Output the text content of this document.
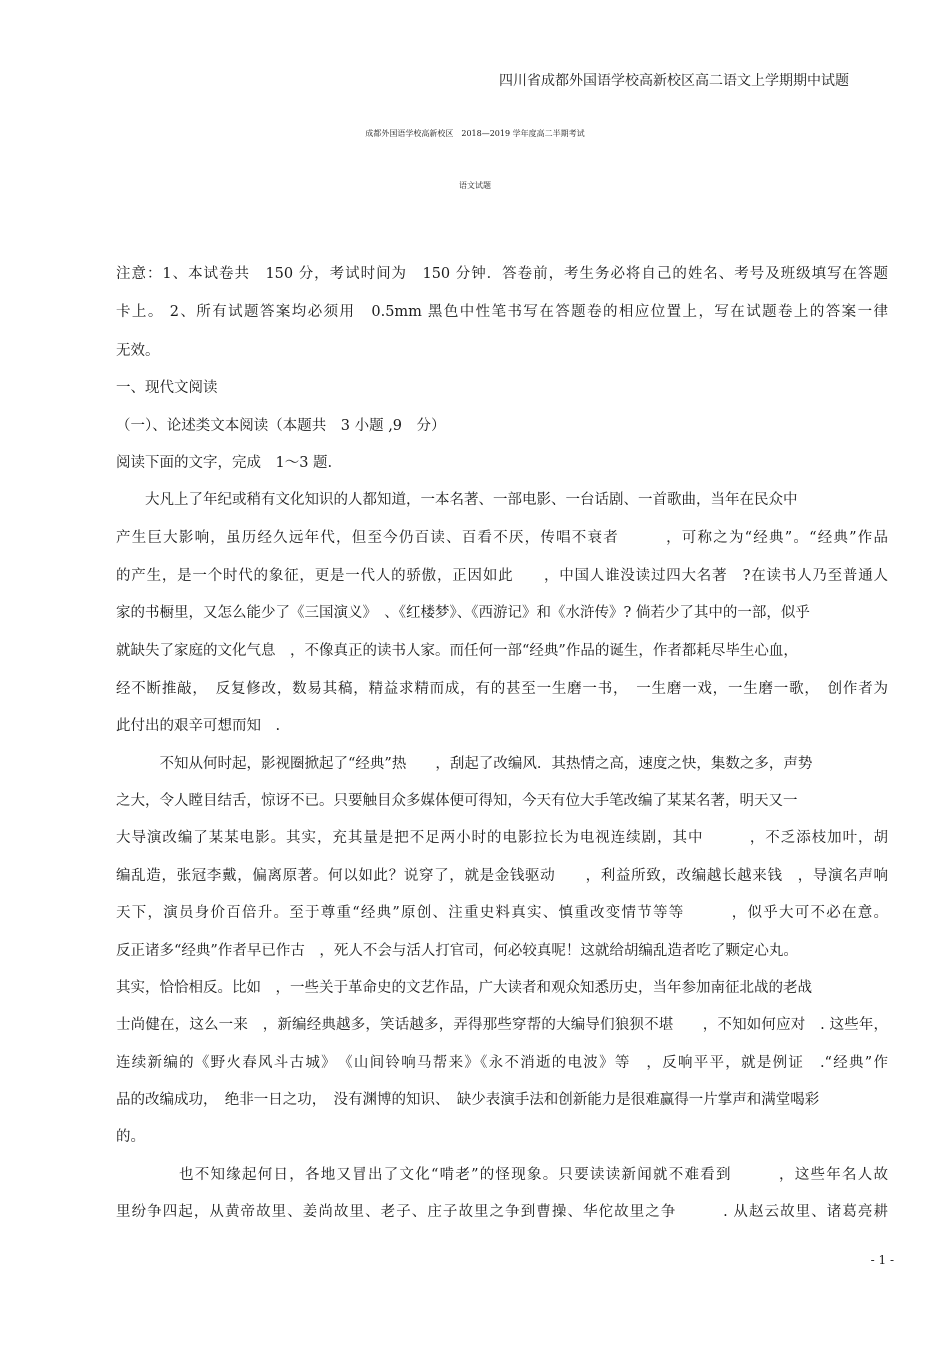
四川省成都外国语学校高新校区高二语文上学期期中试题
成都外国语学校高新校区　2018—2019 学年度高二半期考试
语文试题
注意：1、本试卷共　150 分，考试时间为　150 分钟．答卷前，考生务必将自己的姓名、考号及班级填写在答题
卡上。 2、所有试题答案均必须用　0.5mm 黑色中性笔书写在答题卷的相应位置上，写在试题卷上的答案一律
无效。
一、现代文阅读
（一）、论述类文本阅读（本题共　3 小题 ,9　分）
阅读下面的文字，完成　1～3 题.
　　大凡上了年纪或稍有文化知识的人都知道，一本名著、一部电影、一台话剧、一首歌曲，当年在民众中
产生巨大影响，虽历经久远年代，但至今仍百读、百看不厌，传唱不衰者　　　，可称之为“经典”。“经典”作品
的产生，是一个时代的象征，更是一代人的骄傲，正因如此　　，中国人谁没读过四大名著　?在读书人乃至普通人
家的书橱里，又怎么能少了《三国演义》　、《红楼梦》、《西游记》和《水浒传》? 倘若少了其中的一部，似乎
就缺失了家庭的文化气息　，不像真正的读书人家。而任何一部“经典”作品的诞生，作者都耗尽毕生心血，
经不断推敲，　反复修改，数易其稿，精益求精而成，有的甚至一生磨一书，　一生磨一戏，一生磨一歌，　创作者为
此付出的艰辛可想而知　.
　　　不知从何时起，影视圈掀起了“经典”热　　，刮起了改编风．其热情之高，速度之快，集数之多，声势
之大，令人瞠目结舌，惊讶不已。只要触目众多媒体便可得知，今天有位大手笔改编了某某名著，明天又一
大导演改编了某某电影。其实，充其量是把不足两小时的电影拉长为电视连续剧，其中　　　，不乏添枝加叶，胡
编乱造，张冠李戴，偏离原著。何以如此？说穿了，就是金钱驱动　　，利益所致，改编越长越来钱　，导演名声响
天下，演员身价百倍升。至于尊重“经典”原创、注重史料真实、慎重改变情节等等　　　，似乎大可不必在意。
反正诸多“经典”作者早已作古　，死人不会与活人打官司，何必较真呢！这就给胡编乱造者吃了颗定心丸。
其实，恰恰相反。比如　，一些关于革命史的文艺作品，广大读者和观众知悉历史，当年参加南征北战的老战
士尚健在，这么一来　，新编经典越多，笑话越多，弄得那些穿帮的大编导们狼狈不堪　　，不知如何应对　. 这些年，
连续新编的《野火春风斗古城》　《山间铃响马帮来》《永不消逝的电波》等　，反响平平，就是例证　.“经典”作
品的改编成功，　绝非一日之功，　没有渊博的知识、　缺少表演手法和创新能力是很难赢得一片掌声和满堂喝彩
的。
　　　　也不知缘起何日，各地又冒出了文化“啃老”的怪现象。只要读读新闻就不难看到　　　，这些年名人故
里纷争四起，从黄帝故里、姜尚故里、老子、庄子故里之争到曹操、华佗故里之争　　　. 从赵云故里、诸葛亮耕
- 1 -
